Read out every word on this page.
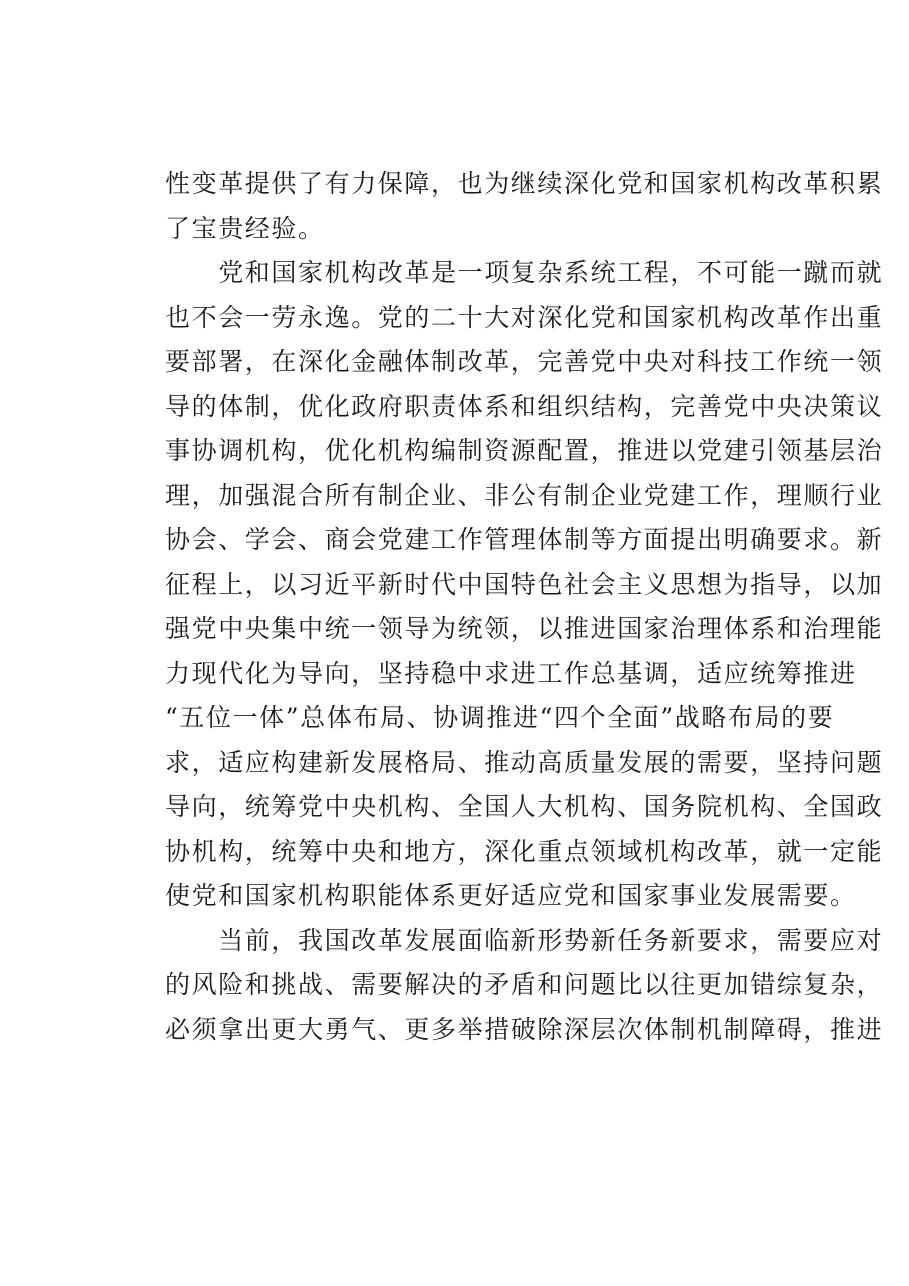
性变革提供了有力保障，也为继续深化党和国家机构改革积累
了宝贵经验。
　　党和国家机构改革是一项复杂系统工程，不可能一蹴而就
也不会一劳永逸。党的二十大对深化党和国家机构改革作出重
要部署，在深化金融体制改革，完善党中央对科技工作统一领
导的体制，优化政府职责体系和组织结构，完善党中央决策议
事协调机构，优化机构编制资源配置，推进以党建引领基层治
理，加强混合所有制企业、非公有制企业党建工作，理顺行业
协会、学会、商会党建工作管理体制等方面提出明确要求。新
征程上，以习近平新时代中国特色社会主义思想为指导，以加
强党中央集中统一领导为统领，以推进国家治理体系和治理能
力现代化为导向，坚持稳中求进工作总基调，适应统筹推进
“五位一体”总体布局、协调推进“四个全面”战略布局的要
求，适应构建新发展格局、推动高质量发展的需要，坚持问题
导向，统筹党中央机构、全国人大机构、国务院机构、全国政
协机构，统筹中央和地方，深化重点领域机构改革，就一定能
使党和国家机构职能体系更好适应党和国家事业发展需要。
　　当前，我国改革发展面临新形势新任务新要求，需要应对
的风险和挑战、需要解决的矛盾和问题比以往更加错综复杂，
必须拿出更大勇气、更多举措破除深层次体制机制障碍，推进
